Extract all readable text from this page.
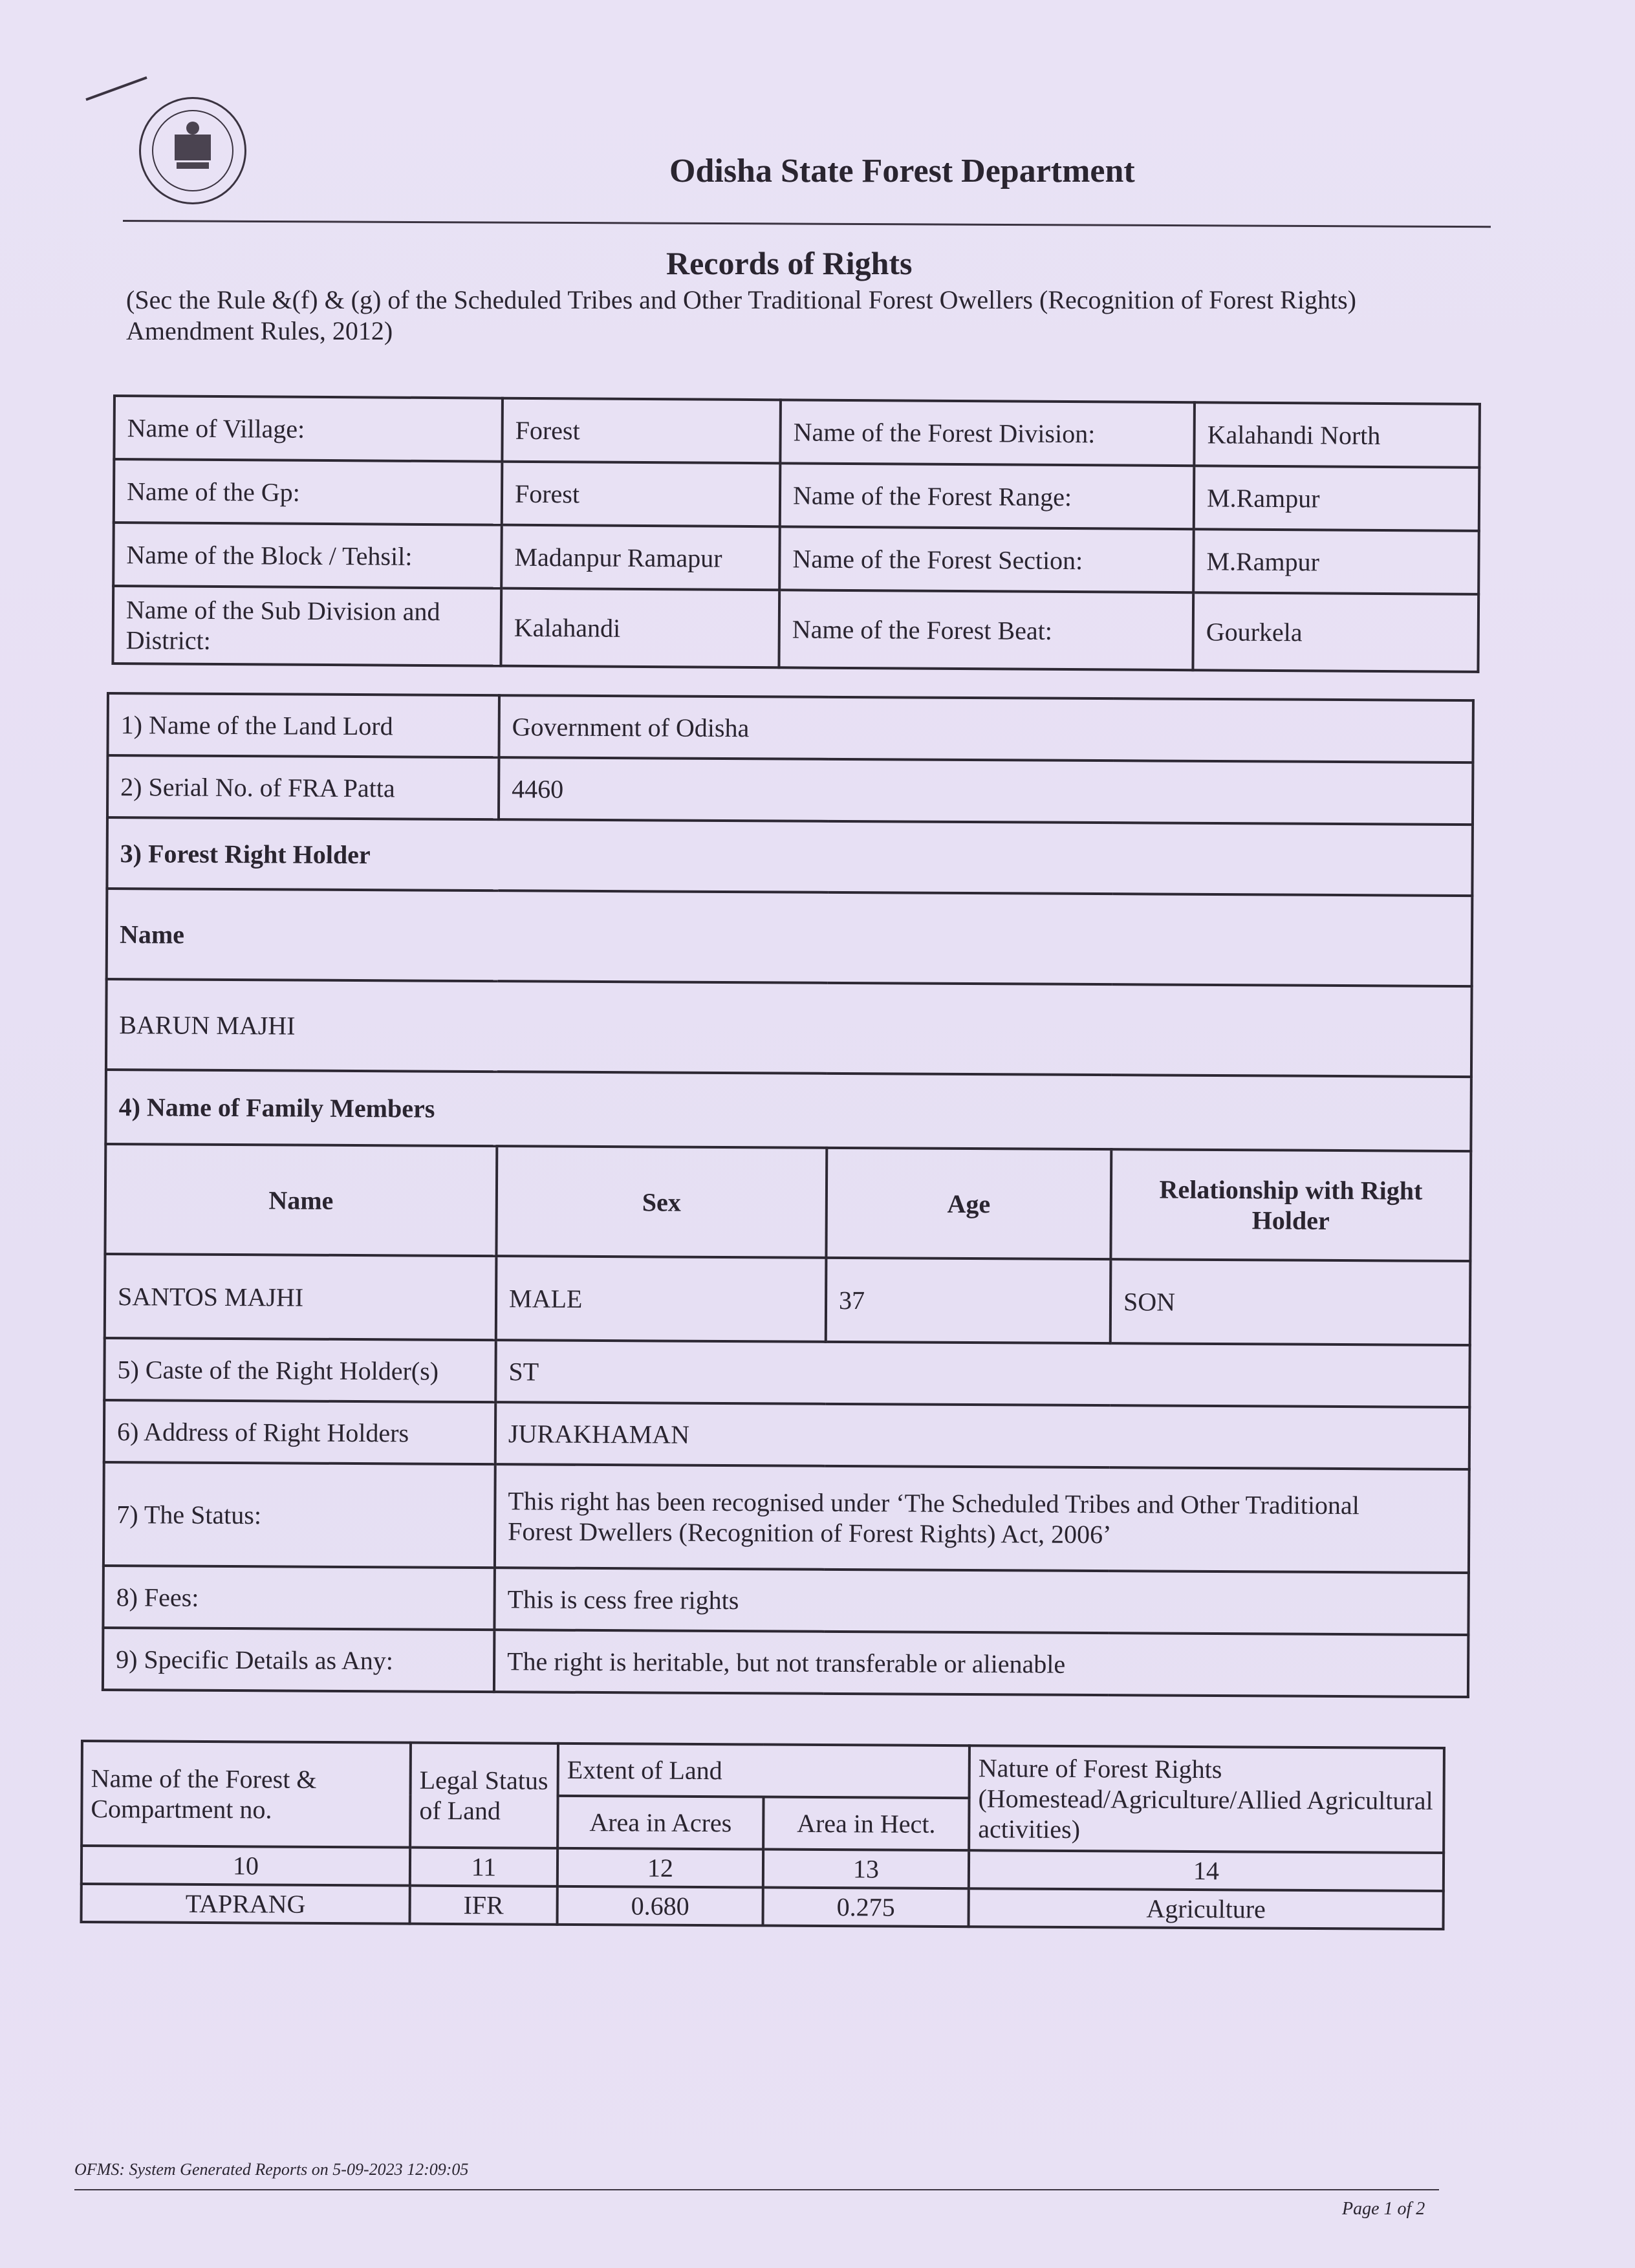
Odisha State Forest Department
Records of Rights
(Sec the Rule &(f) & (g) of the Scheduled Tribes and Other Traditional Forest Owellers (Recognition of Forest Rights) Amendment Rules, 2012)
Name of Village:	Forest	Name of the Forest Division:	Kalahandi North
Name of the Gp:	Forest	Name of the Forest Range:	M.Rampur
Name of the Block / Tehsil:	Madanpur Ramapur	Name of the Forest Section:	M.Rampur
Name of the Sub Division and District:	Kalahandi	Name of the Forest Beat:	Gourkela
1) Name of the Land Lord	Government of Odisha		
2) Serial No. of FRA Patta	4460		
3) Forest Right Holder			
Name			
BARUN MAJHI			
4) Name of Family Members			
Name	Sex	Age	Relationship with Right Holder
SANTOS MAJHI	MALE	37	SON
5) Caste of the Right Holder(s)	ST		
6) Address of Right Holders	JURAKHAMAN		
7) The Status:	This right has been recognised under ‘The Scheduled Tribes and Other Traditional
Forest Dwellers (Recognition of Forest Rights) Act, 2006’		

8) Fees:	This is cess free rights		
9) Specific Details as Any:	The right is heritable, but not transferable or alienable		
Name of the Forest & Compartment no.	Legal Status of Land	Extent of Land		Nature of Forest Rights (Homestead/Agriculture/Allied Agricultural activities)
		Area in Acres	Area in Hect.	
10	11	12	13	14
TAPRANG	IFR	0.680	0.275	Agriculture
OFMS: System Generated Reports on 5-09-2023 12:09:05
Page 1 of 2
